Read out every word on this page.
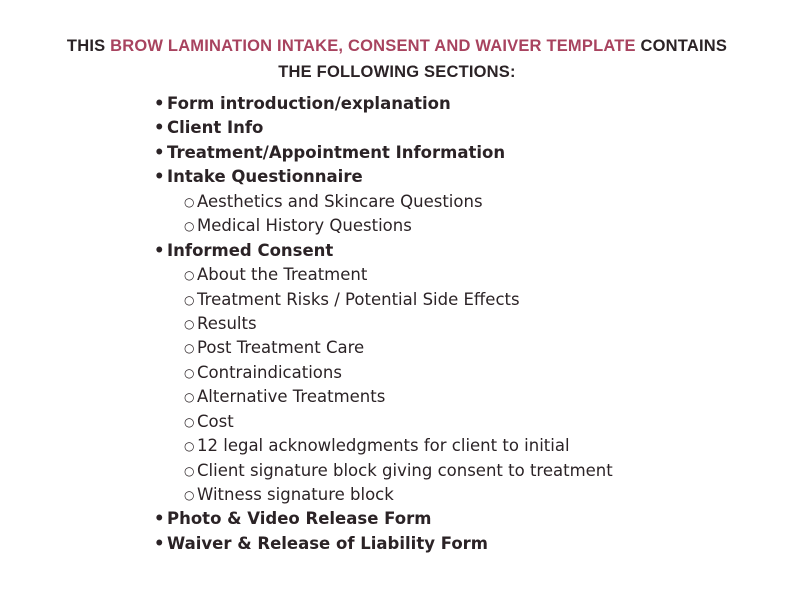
THIS BROW LAMINATION INTAKE, CONSENT AND WAIVER TEMPLATE CONTAINS
THE FOLLOWING SECTIONS:
• Form introduction/explanation
• Client Info
• Treatment/Appointment Information
• Intake Questionnaire
○ Aesthetics and Skincare Questions
○ Medical History Questions
• Informed Consent
○ About the Treatment
○ Treatment Risks / Potential Side Effects
○ Results
○ Post Treatment Care
○ Contraindications
○ Alternative Treatments
○ Cost
○ 12 legal acknowledgments for client to initial
○ Client signature block giving consent to treatment
○ Witness signature block
• Photo & Video Release Form
• Waiver & Release of Liability Form
